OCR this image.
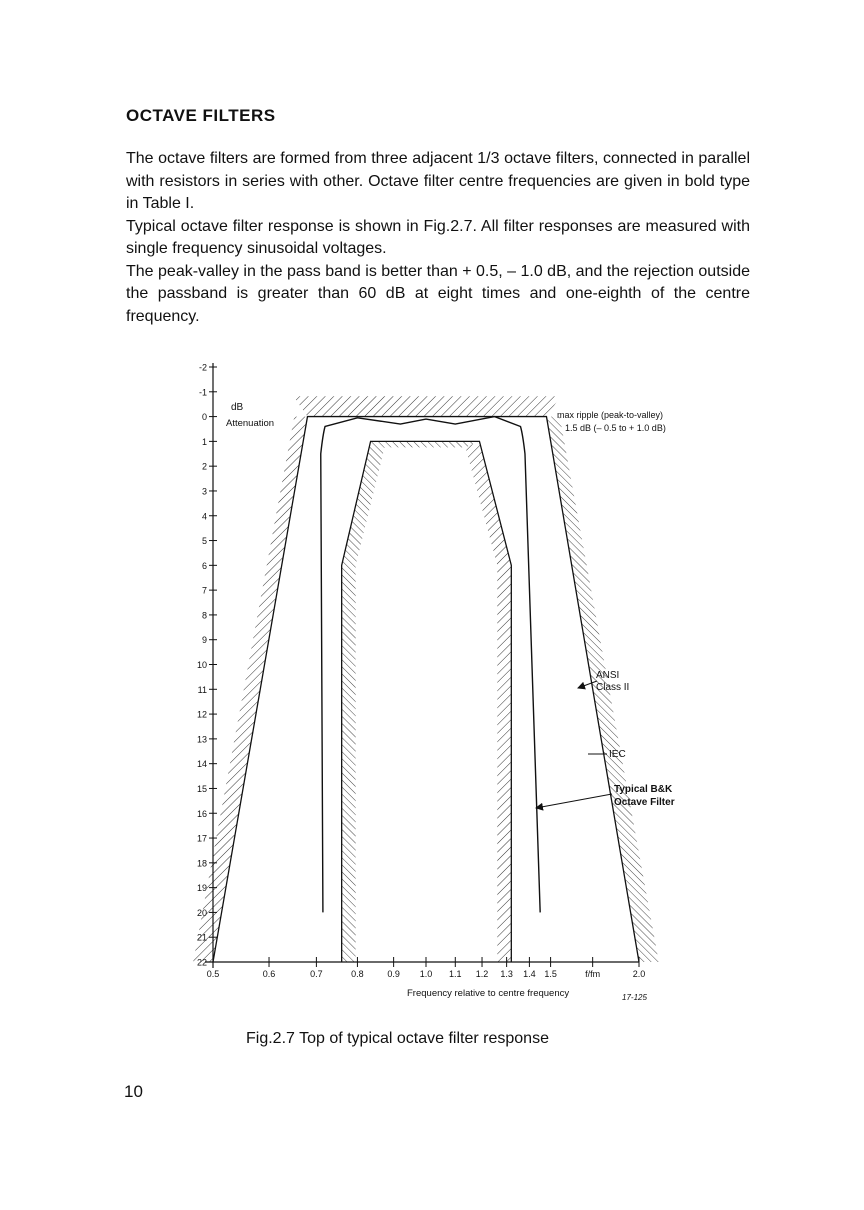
OCTAVE FILTERS

The octave filters are formed from three adjacent 1/3 octave filters, connected in parallel with resistors in series with other. Octave filter centre frequencies are given in bold type in Table I.

Typical octave filter response is shown in Fig.2.7. All filter responses are measured with single frequency sinusoidal voltages.

The peak-valley in the pass band is better than + 0.5, – 1.0 dB, and the rejection outside the passband is greater than 60 dB at eight times and one-eighth of the centre frequency.

-2
-1
0
1
2
3
4
5
6
7
8
9
10
11
12
13
14
15
16
17
18
19
20
21
22
0.5	0.6	0.7	0.8	0.9 1.0 1.1 1.2 1.3 1.4 1.5	f/fm	2.0
dB
Attenuation
max ripple (peak-to-valley)
1.5 dB (– 0.5 to + 1.0 dB)
ANSI
Class II
IEC
Typical B&K
Octave Filter
Frequency relative to centre frequency	17-125
Fig.2.7 Top of typical octave filter response
10
